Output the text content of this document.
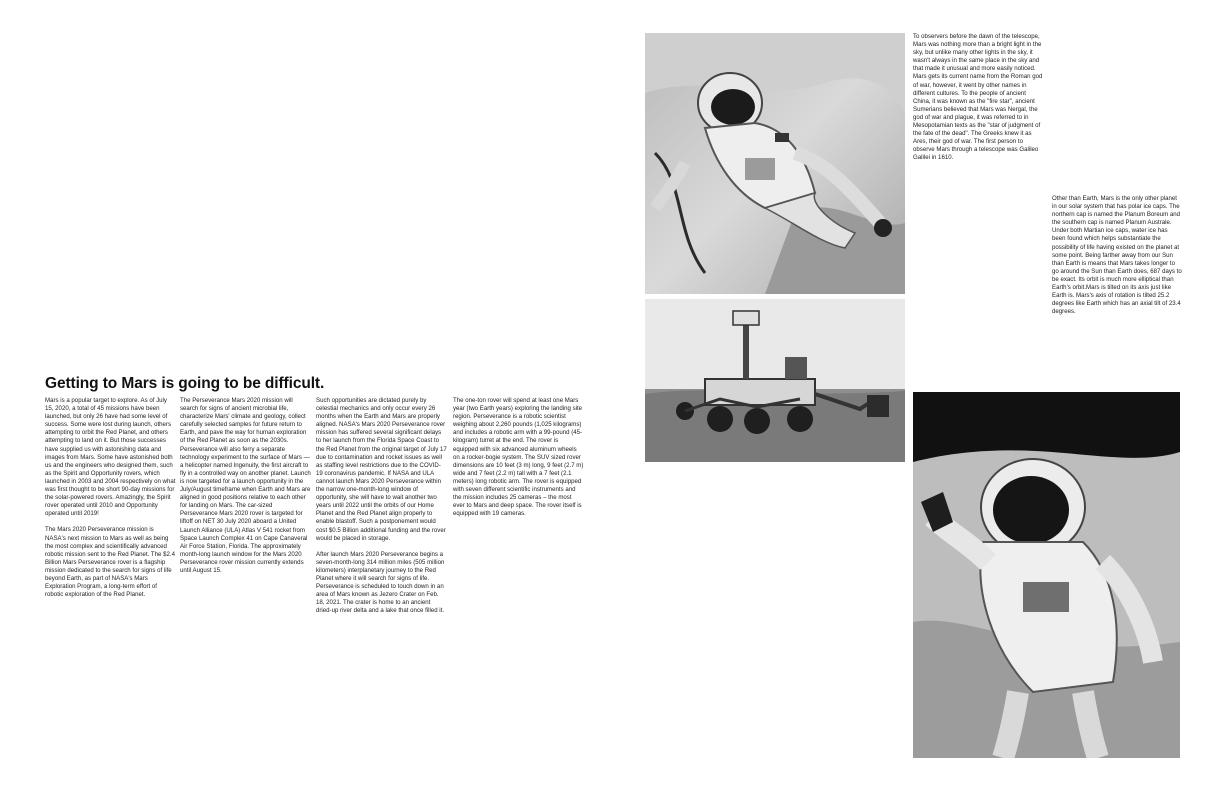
Getting to Mars is going to be difficult.

Mars is a popular target to explore. As of July 15, 2020, a total of 45 missions have been launched, but only 26 have had some level of success. Some were lost during launch, others attempting to orbit the Red Planet, and others attempting to land on it. But those successes have supplied us with astonishing data and images from Mars. Some have astonished both us and the engineers who designed them, such as the Spirit and Opportunity rovers, which launched in 2003 and 2004 respectively on what was first thought to be short 90-day missions for the solar-powered rovers. Amazingly, the Spirit rover operated until 2010 and Opportunity operated until 2019!

The Mars 2020 Perseverance mission is NASA's next mission to Mars as well as being the most complex and scientifically advanced robotic mission sent to the Red Planet. The $2.4 Billion Mars Perseverance rover is a flagship mission dedicated to the search for signs of life beyond Earth, as part of NASA's Mars Exploration Program, a long-term effort of robotic exploration of the Red Planet.

The Perseverance Mars 2020 mission will search for signs of ancient microbial life, characterize Mars' climate and geology, collect carefully selected samples for future return to Earth, and pave the way for human exploration of the Red Planet as soon as the 2030s. Perseverance will also ferry a separate technology experiment to the surface of Mars — a helicopter named Ingenuity, the first aircraft to fly in a controlled way on another planet. Launch is now targeted for a launch opportunity in the July/August timeframe when Earth and Mars are aligned in good positions relative to each other for landing on Mars. The car-sized Perseverance Mars 2020 rover is targeted for liftoff on NET 30 July 2020 aboard a United Launch Alliance (ULA) Atlas V 541 rocket from Space Launch Complex 41 on Cape Canaveral Air Force Station, Florida. The approximately month-long launch window for the Mars 2020 Perseverance rover mission currently extends until August 15.

Such opportunities are dictated purely by celestial mechanics and only occur every 26 months when the Earth and Mars are properly aligned. NASA's Mars 2020 Perseverance rover mission has suffered several significant delays to her launch from the Florida Space Coast to the Red Planet from the original target of July 17 due to contamination and rocket issues as well as staffing level restrictions due to the COVID-19 coronavirus pandemic. If NASA and ULA cannot launch Mars 2020 Perseverance within the narrow one-month-long window of opportunity, she will have to wait another two years until 2022 until the orbits of our Home Planet and the Red Planet align properly to enable blastoff. Such a postponement would cost $0.5 Billion additional funding and the rover would be placed in storage.

After launch Mars 2020 Perseverance begins a seven-month-long 314 million miles (505 million kilometers) interplanetary journey to the Red Planet where it will search for signs of life. Perseverance is scheduled to touch down in an area of Mars known as Jezero Crater on Feb. 18, 2021. The crater is home to an ancient dried-up river delta and a lake that once filled it.

The one-ton rover will spend at least one Mars year (two Earth years) exploring the landing site region. Perseverance is a robotic scientist weighing about 2,260 pounds (1,025 kilograms) and includes a robotic arm with a 99-pound (45-kilogram) turret at the end. The rover is equipped with six advanced aluminum wheels on a rocker-bogie system. The SUV sized rover dimensions are 10 feet (3 m) long, 9 feet (2.7 m) wide and 7 feet (2.2 m) tall with a 7 feet (2.1 meters) long robotic arm. The rover is equipped with seven different scientific instruments and the mission includes 25 cameras – the most ever to Mars and deep space. The rover itself is equipped with 19 cameras.

To observers before the dawn of the telescope, Mars was nothing more than a bright light in the sky, but unlike many other lights in the sky, it wasn't always in the same place in the sky and that made it unusual and more easily noticed. Mars gets its current name from the Roman god of war, however, it went by other names in different cultures. To the people of ancient China, it was known as the "fire star", ancient Sumerians believed that Mars was Nergal, the god of war and plague, it was referred to in Mesopotamian texts as the "star of judgment of the fate of the dead". The Greeks knew it as Ares, their god of war. The first person to observe Mars through a telescope was Galileo Galilei in 1610.

Other than Earth, Mars is the only other planet in our solar system that has polar ice caps. The northern cap is named the Planum Boreum and the southern cap is named Planum Australe. Under both Martian ice caps, water ice has been found which helps substantiate the possibility of life having existed on the planet at some point. Being farther away from our Sun than Earth is means that Mars takes longer to go around the Sun than Earth does, 687 days to be exact. Its orbit is much more elliptical than Earth's orbit.Mars is tilted on its axis just like Earth is. Mars's axis of rotation is tilted 25.2 degrees like Earth which has an axial tilt of 23.4 degrees.
